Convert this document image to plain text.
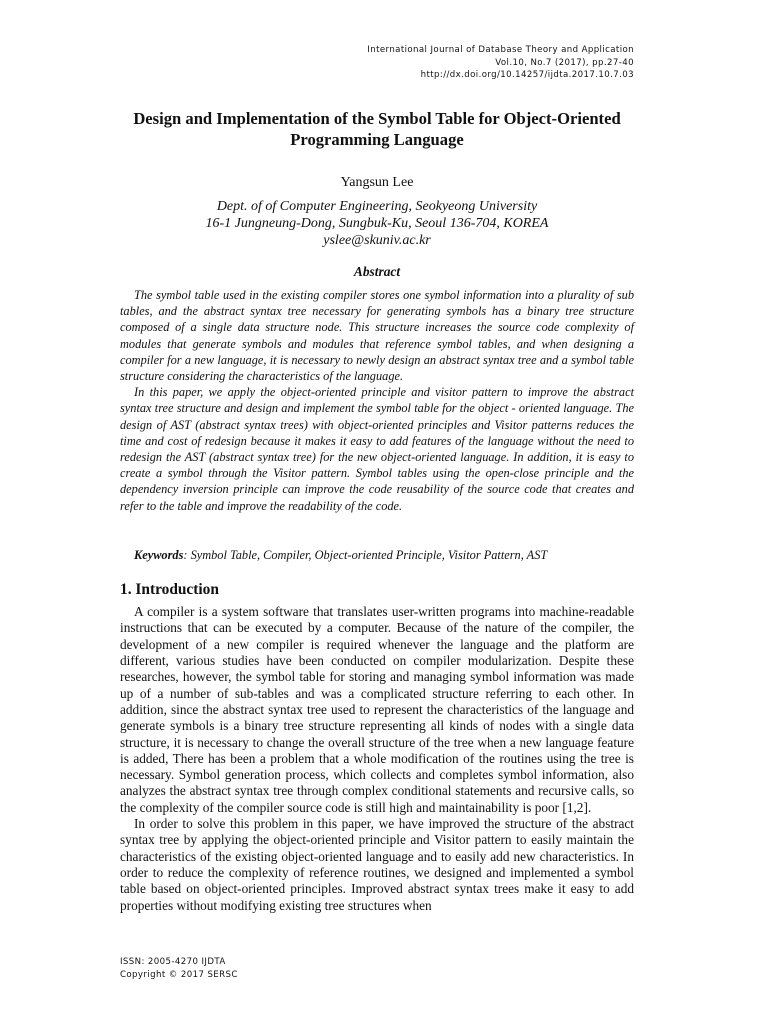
International Journal of Database Theory and Application
Vol.10, No.7 (2017), pp.27-40
http://dx.doi.org/10.14257/ijdta.2017.10.7.03
Design and Implementation of the Symbol Table for Object-Oriented Programming Language
Yangsun Lee
Dept. of of Computer Engineering, Seokyeong University
16-1 Jungneung-Dong, Sungbuk-Ku, Seoul 136-704, KOREA
yslee@skuniv.ac.kr
Abstract

The symbol table used in the existing compiler stores one symbol information into a plurality of sub tables, and the abstract syntax tree necessary for generating symbols has a binary tree structure composed of a single data structure node. This structure increases the source code complexity of modules that generate symbols and modules that reference symbol tables, and when designing a compiler for a new language, it is necessary to newly design an abstract syntax tree and a symbol table structure considering the characteristics of the language.

In this paper, we apply the object-oriented principle and visitor pattern to improve the abstract syntax tree structure and design and implement the symbol table for the object - oriented language. The design of AST (abstract syntax trees) with object-oriented principles and Visitor patterns reduces the time and cost of redesign because it makes it easy to add features of the language without the need to redesign the AST (abstract syntax tree) for the new object-oriented language. In addition, it is easy to create a symbol through the Visitor pattern. Symbol tables using the open-close principle and the dependency inversion principle can improve the code reusability of the source code that creates and refer to the table and improve the readability of the code.

Keywords: Symbol Table, Compiler, Object-oriented Principle, Visitor Pattern, AST
1. Introduction

A compiler is a system software that translates user-written programs into machine-readable instructions that can be executed by a computer. Because of the nature of the compiler, the development of a new compiler is required whenever the language and the platform are different, various studies have been conducted on compiler modularization. Despite these researches, however, the symbol table for storing and managing symbol information was made up of a number of sub-tables and was a complicated structure referring to each other. In addition, since the abstract syntax tree used to represent the characteristics of the language and generate symbols is a binary tree structure representing all kinds of nodes with a single data structure, it is necessary to change the overall structure of the tree when a new language feature is added, There has been a problem that a whole modification of the routines using the tree is necessary. Symbol generation process, which collects and completes symbol information, also analyzes the abstract syntax tree through complex conditional statements and recursive calls, so the complexity of the compiler source code is still high and maintainability is poor [1,2].

In order to solve this problem in this paper, we have improved the structure of the abstract syntax tree by applying the object-oriented principle and Visitor pattern to easily maintain the characteristics of the existing object-oriented language and to easily add new characteristics. In order to reduce the complexity of reference routines, we designed and implemented a symbol table based on object-oriented principles. Improved abstract syntax trees make it easy to add properties without modifying existing tree structures when

ISSN: 2005-4270 IJDTA
Copyright © 2017 SERSC
